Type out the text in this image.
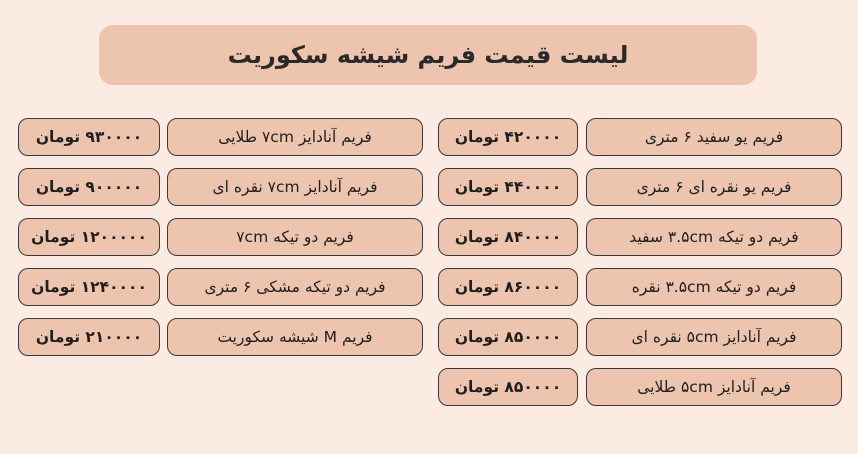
لیست قیمت فریم شیشه سکوریت
۴۲۰۰۰۰ تومان	فریم یو سفید ۶ متری
۴۴۰۰۰۰ تومان	فریم یو نقره ای ۶ متری
۸۴۰۰۰۰ تومان	فریم دو تیکه ۳.۵cm سفید
۸۶۰۰۰۰ تومان	فریم دو تیکه ۳.۵cm نقره
۸۵۰۰۰۰ تومان	فریم آنادایز ۵cm نقره ای
۸۵۰۰۰۰ تومان	فریم آنادایز ۵cm طلایی
۹۳۰۰۰۰ تومان	فریم آنادایز ۷cm طلایی
۹۰۰۰۰۰ تومان	فریم آنادایز ۷cm نقره ای
۱۲۰۰۰۰۰ تومان	فریم دو تیکه ۷cm
۱۲۴۰۰۰۰ تومان	فریم دو تیکه مشکی ۶ متری
۲۱۰۰۰۰ تومان	فریم M شیشه سکوریت
